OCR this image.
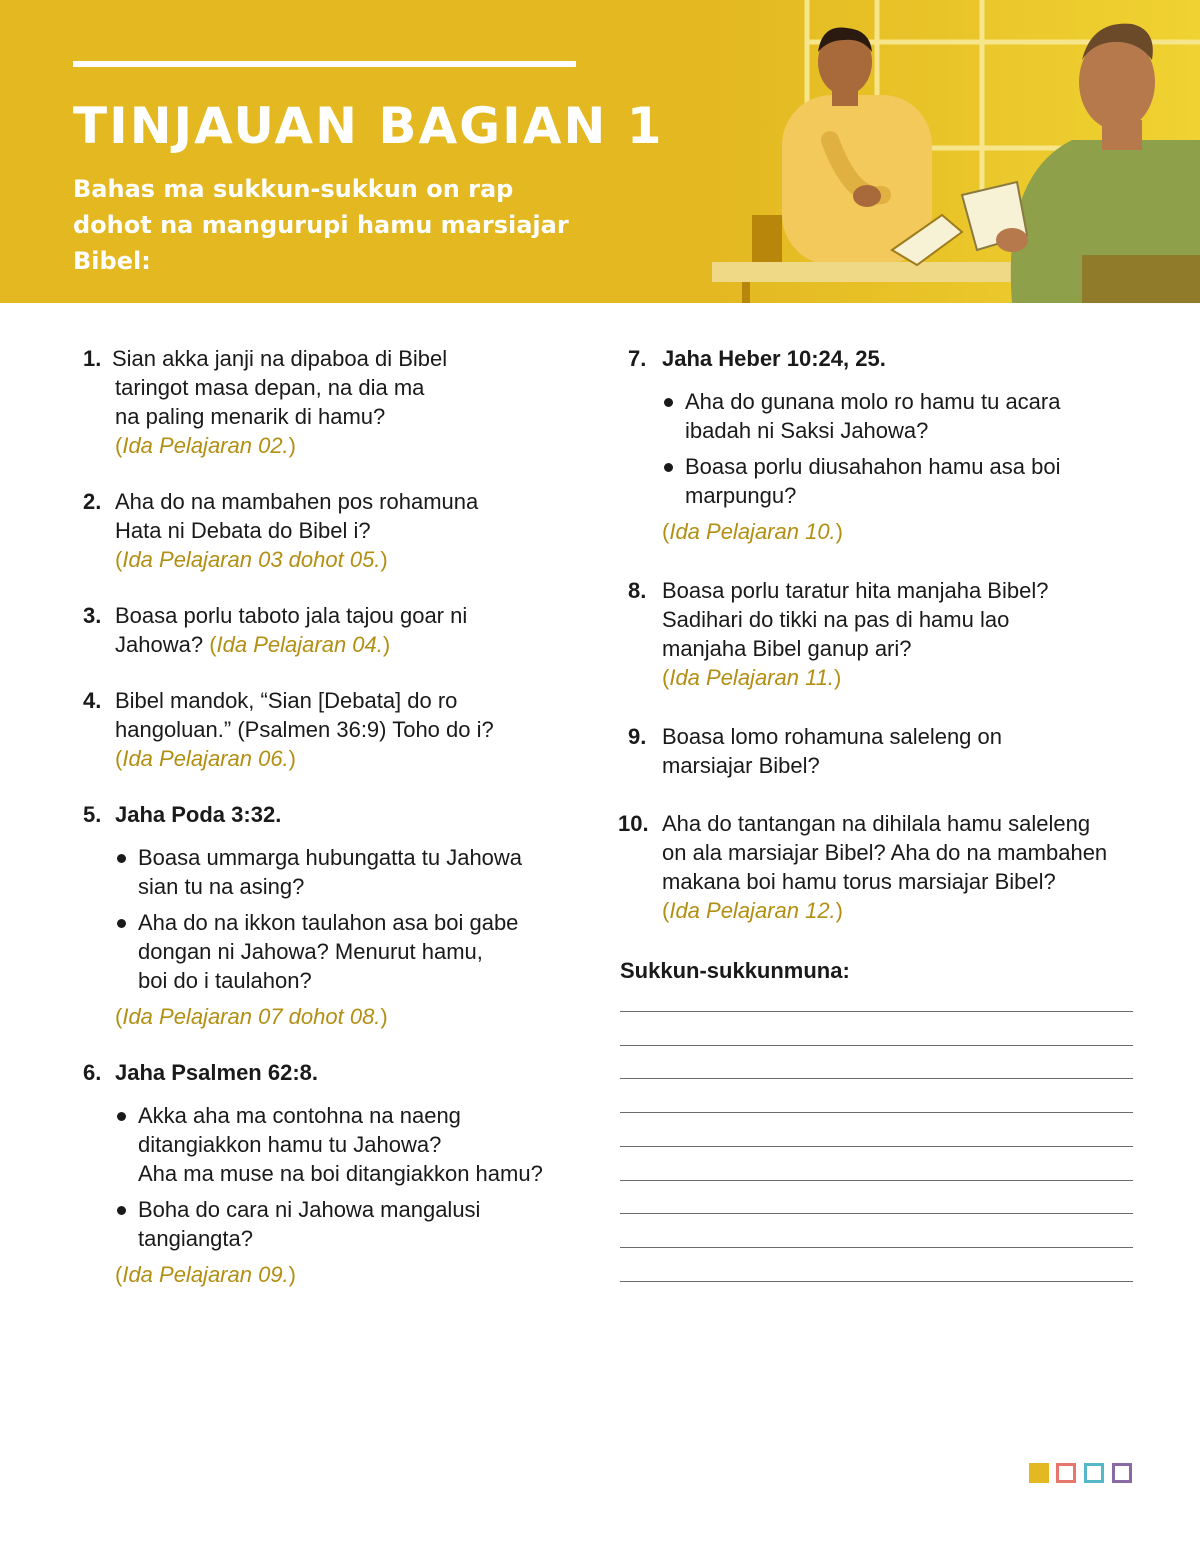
TINJAUAN BAGIAN 1

Bahas ma sukkun-sukkun on rap dohot na mangurupi hamu marsiajar Bibel:

1. Sian akka janji na dipaboa di Bibel
taringot masa depan, na dia ma
na paling menarik di hamu?
(Ida Pelajaran 02.)
2. Aha do na mambahen pos rohamuna
Hata ni Debata do Bibel i?
(Ida Pelajaran 03 dohot 05.)
3. Boasa porlu taboto jala tajou goar ni
Jahowa? (Ida Pelajaran 04.)
4. Bibel mandok, “Sian [Debata] do ro
hangoluan.” (Psalmen 36:9) Toho do i?
(Ida Pelajaran 06.)
5. Jaha Poda 3:32.
Boasa ummarga hubungatta tu Jahowa
sian tu na asing?
Aha do na ikkon taulahon asa boi gabe
dongan ni Jahowa? Menurut hamu,
boi do i taulahon?
(Ida Pelajaran 07 dohot 08.)
6. Jaha Psalmen 62:8.
Akka aha ma contohna na naeng
ditangiakkon hamu tu Jahowa?
Aha ma muse na boi ditangiakkon hamu?
Boha do cara ni Jahowa mangalusi
tangiangta?
(Ida Pelajaran 09.)
7. Jaha Heber 10:24, 25.
Aha do gunana molo ro hamu tu acara
ibadah ni Saksi Jahowa?
Boasa porlu diusahahon hamu asa boi
marpungu?
(Ida Pelajaran 10.)
8. Boasa porlu taratur hita manjaha Bibel?
Sadihari do tikki na pas di hamu lao
manjaha Bibel ganup ari?
(Ida Pelajaran 11.)
9. Boasa lomo rohamuna saleleng on
marsiajar Bibel?
10. Aha do tantangan na dihilala hamu saleleng
on ala marsiajar Bibel? Aha do na mambahen
makana boi hamu torus marsiajar Bibel?
(Ida Pelajaran 12.)
Sukkun-sukkunmuna:
